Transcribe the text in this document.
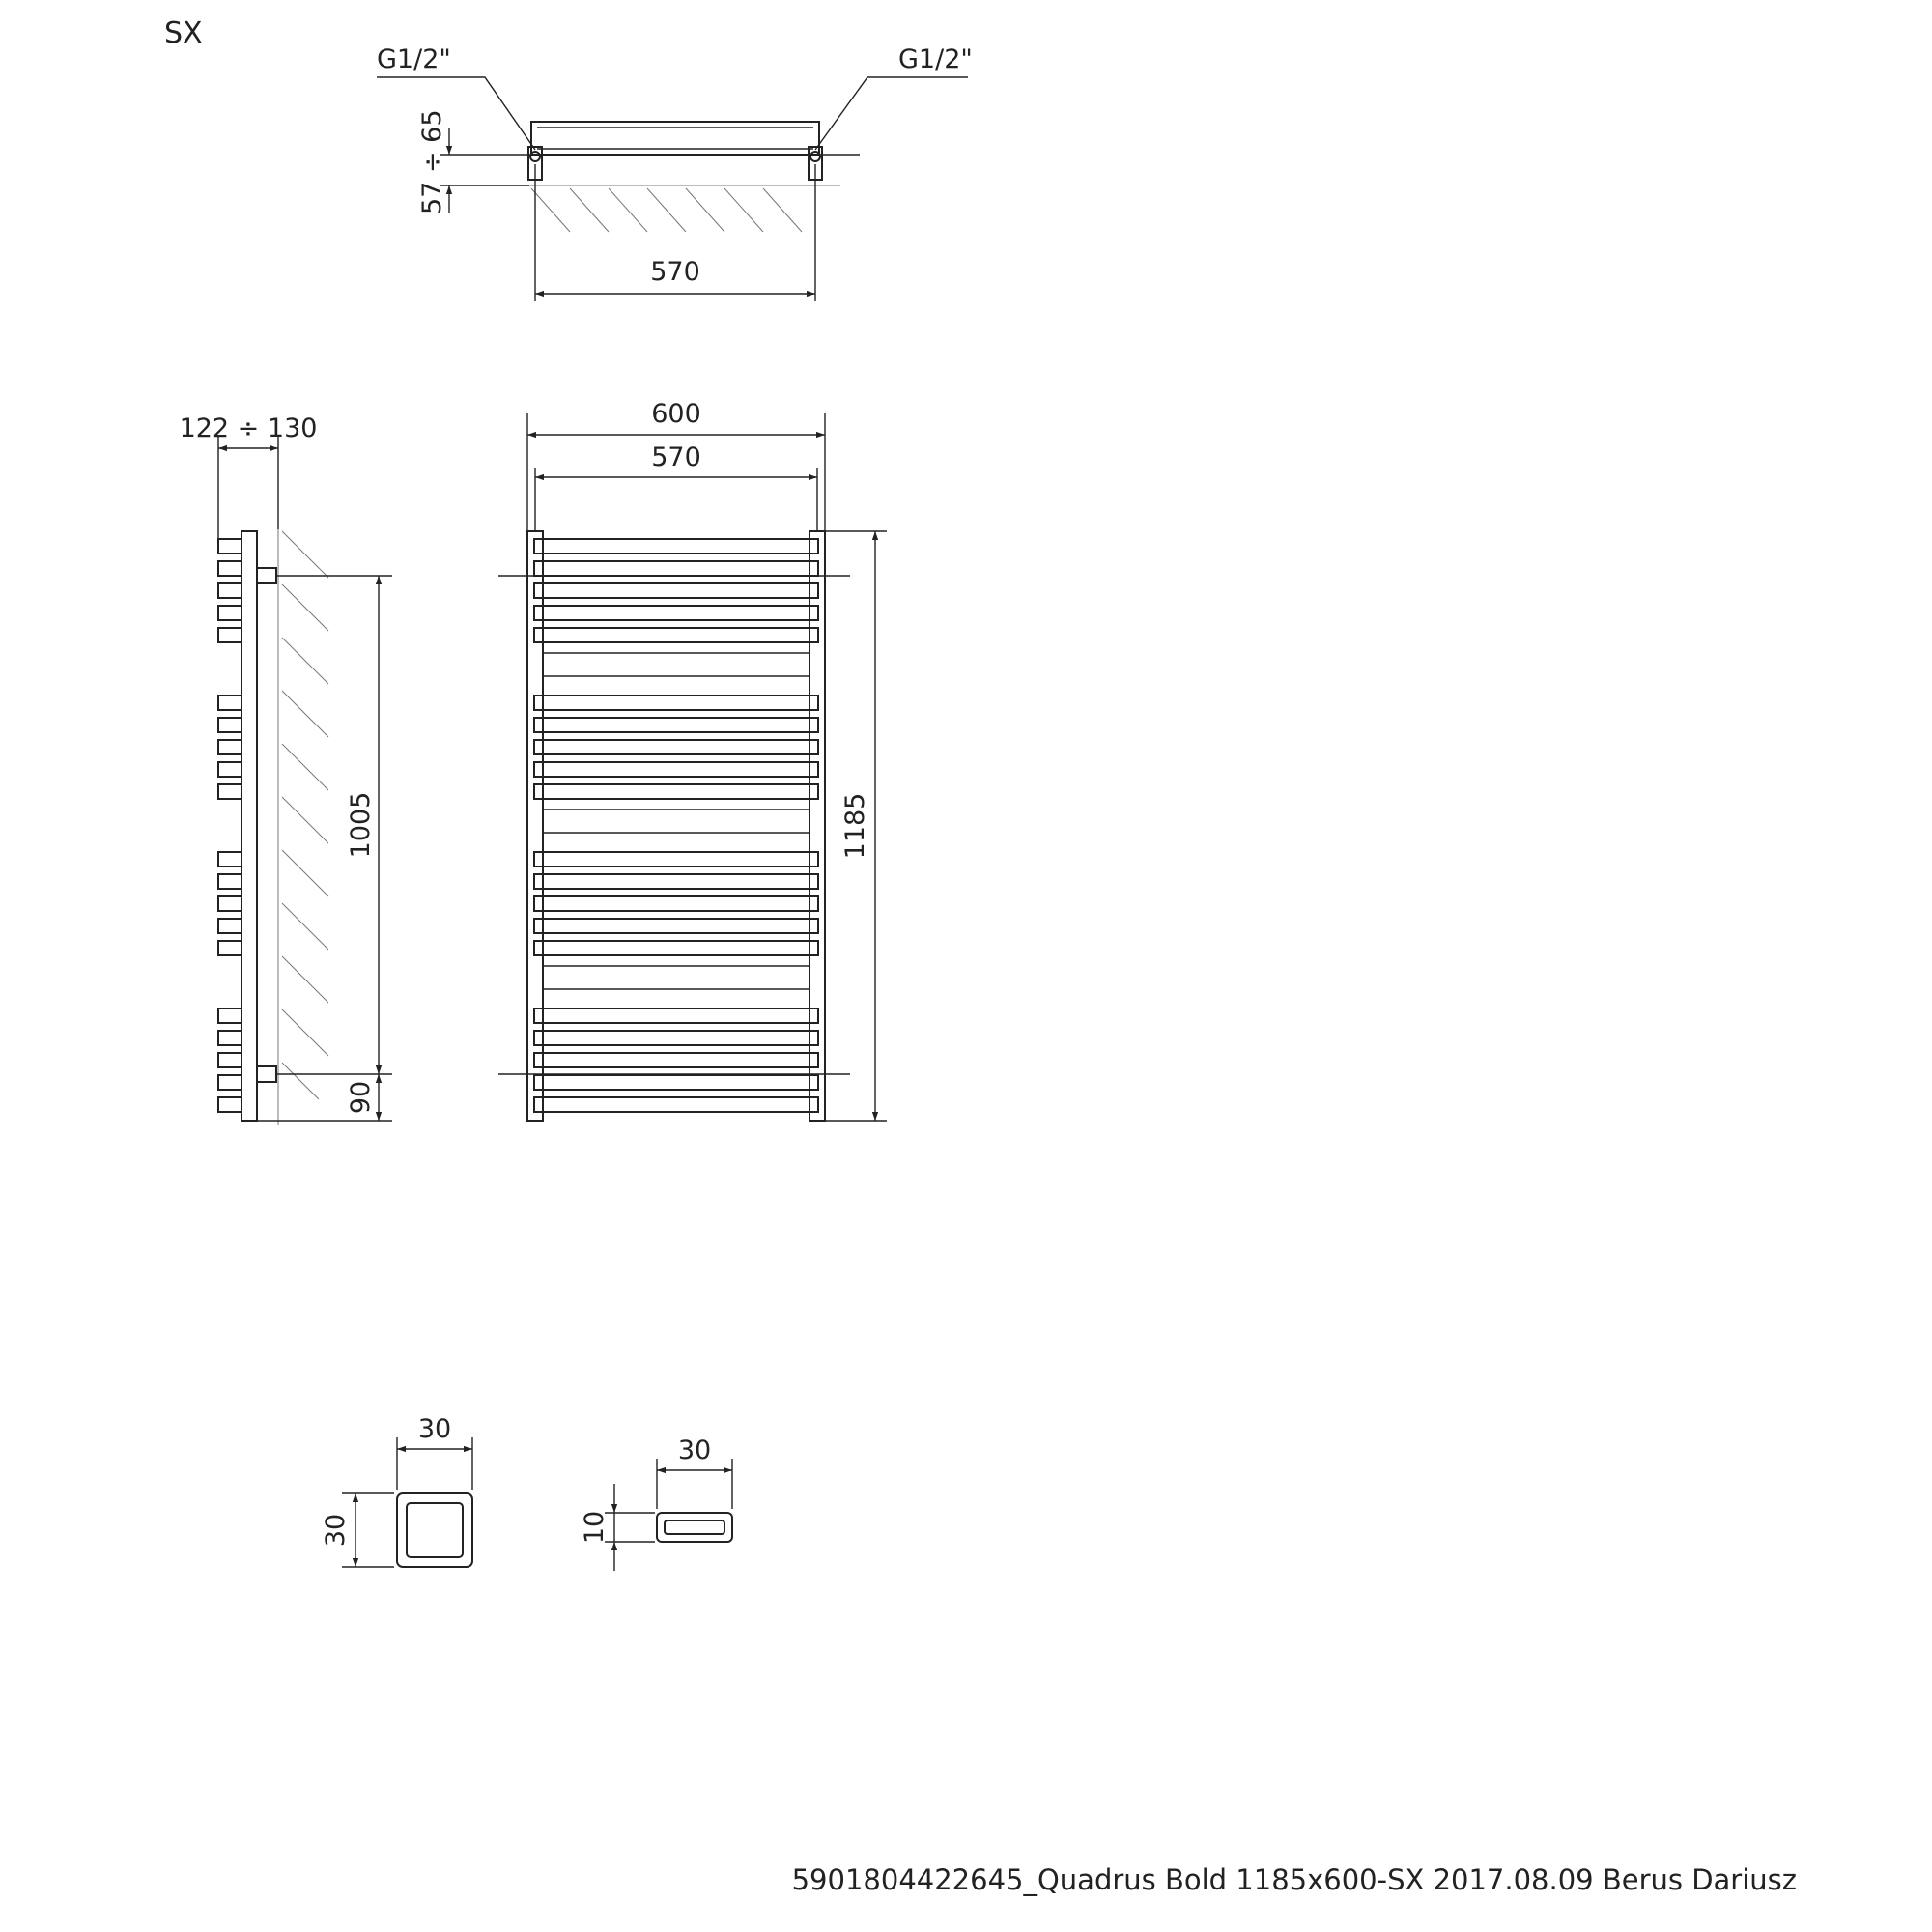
SX
G1/2"	G1/2"
57 ÷ 65
570
122 ÷ 130
1005
90
600
570
1185
30
30
30
10
5901804422645_Quadrus Bold 1185x600-SX 2017.08.09 Berus Dariusz
